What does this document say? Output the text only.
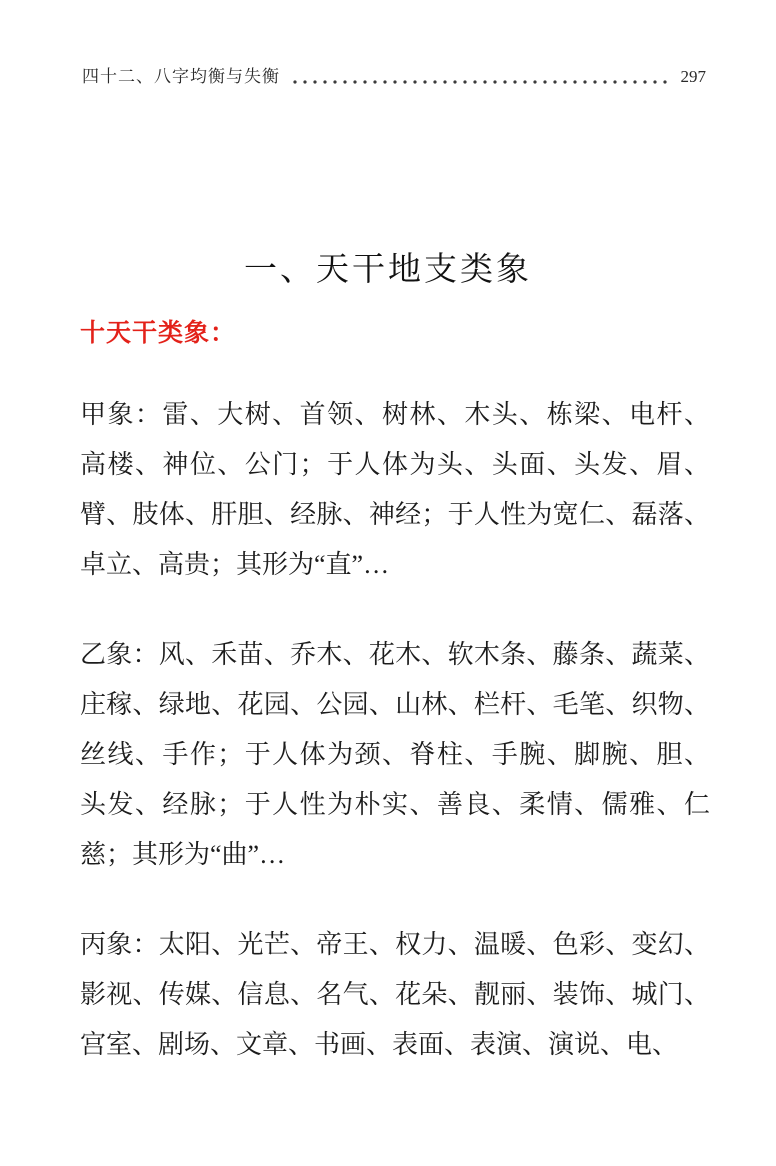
四十二、八字均衡与失衡	297
一、天干地支类象
十天干类象：
甲象：雷、大树、首领、树林、木头、栋梁、电杆、
高楼、神位、公门；于人体为头、头面、头发、眉、
臂、肢体、肝胆、经脉、神经；于人性为宽仁、磊落、
卓立、高贵；其形为“直”…
乙象：风、禾苗、乔木、花木、软木条、藤条、蔬菜、
庄稼、绿地、花园、公园、山林、栏杆、毛笔、织物、
丝线、手作；于人体为颈、脊柱、手腕、脚腕、胆、
头发、经脉；于人性为朴实、善良、柔情、儒雅、仁
慈；其形为“曲”…
丙象：太阳、光芒、帝王、权力、温暖、色彩、变幻、
影视、传媒、信息、名气、花朵、靓丽、装饰、城门、
宫室、剧场、文章、书画、表面、表演、演说、电、
